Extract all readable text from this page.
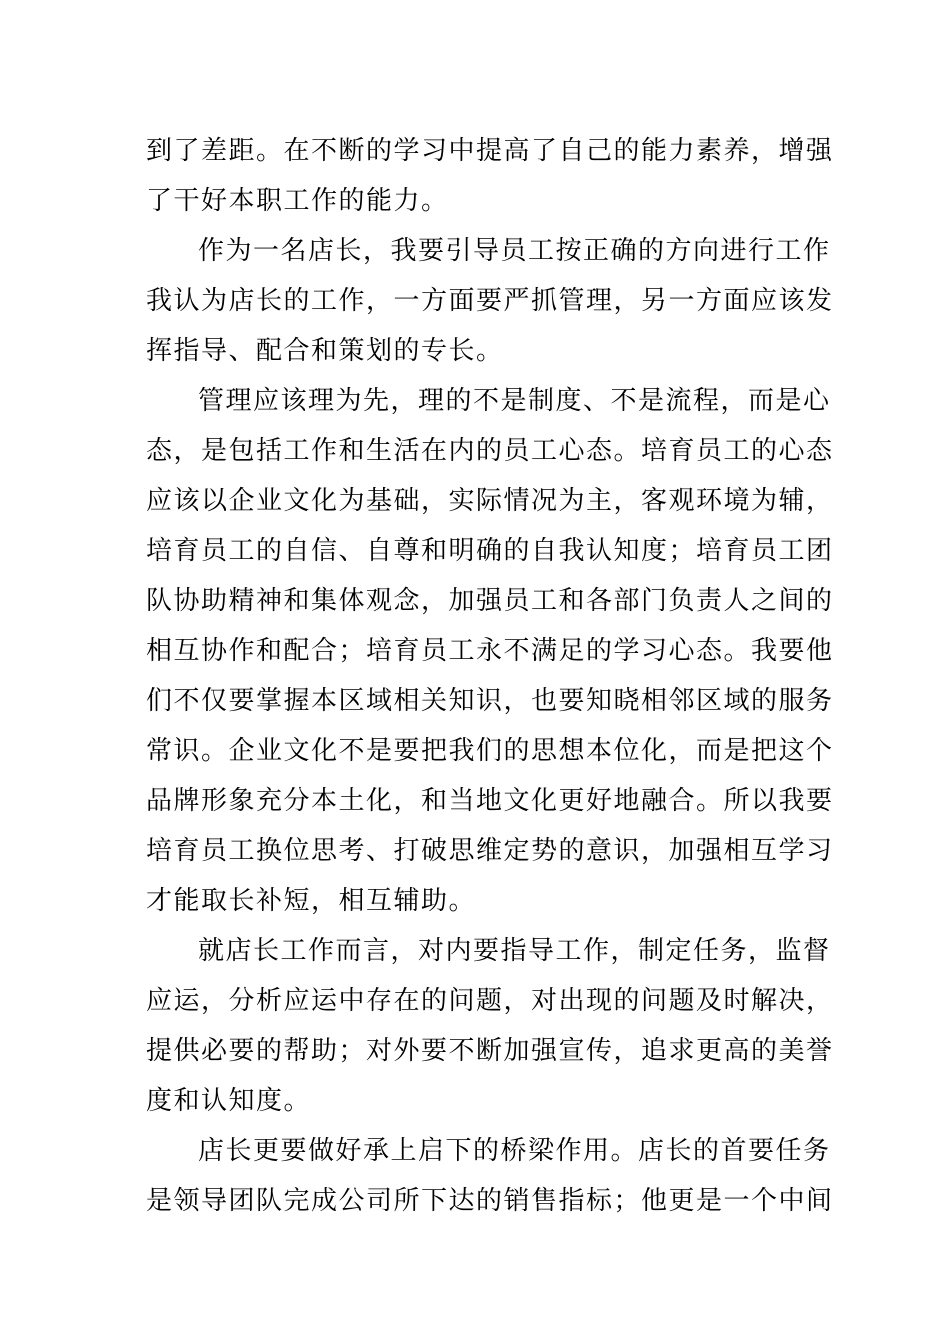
到了差距。在不断的学习中提高了自己的能力素养，增强
了干好本职工作的能力。
作为一名店长，我要引导员工按正确的方向进行工作
我认为店长的工作，一方面要严抓管理，另一方面应该发
挥指导、配合和策划的专长。
管理应该理为先，理的不是制度、不是流程，而是心
态，是包括工作和生活在内的员工心态。培育员工的心态
应该以企业文化为基础，实际情况为主，客观环境为辅，
培育员工的自信、自尊和明确的自我认知度；培育员工团
队协助精神和集体观念，加强员工和各部门负责人之间的
相互协作和配合；培育员工永不满足的学习心态。我要他
们不仅要掌握本区域相关知识，也要知晓相邻区域的服务
常识。企业文化不是要把我们的思想本位化，而是把这个
品牌形象充分本土化，和当地文化更好地融合。所以我要
培育员工换位思考、打破思维定势的意识，加强相互学习
才能取长补短，相互辅助。
就店长工作而言，对内要指导工作，制定任务，监督
应运，分析应运中存在的问题，对出现的问题及时解决，
提供必要的帮助；对外要不断加强宣传，追求更高的美誉
度和认知度。
店长更要做好承上启下的桥梁作用。店长的首要任务
是领导团队完成公司所下达的销售指标；他更是一个中间
